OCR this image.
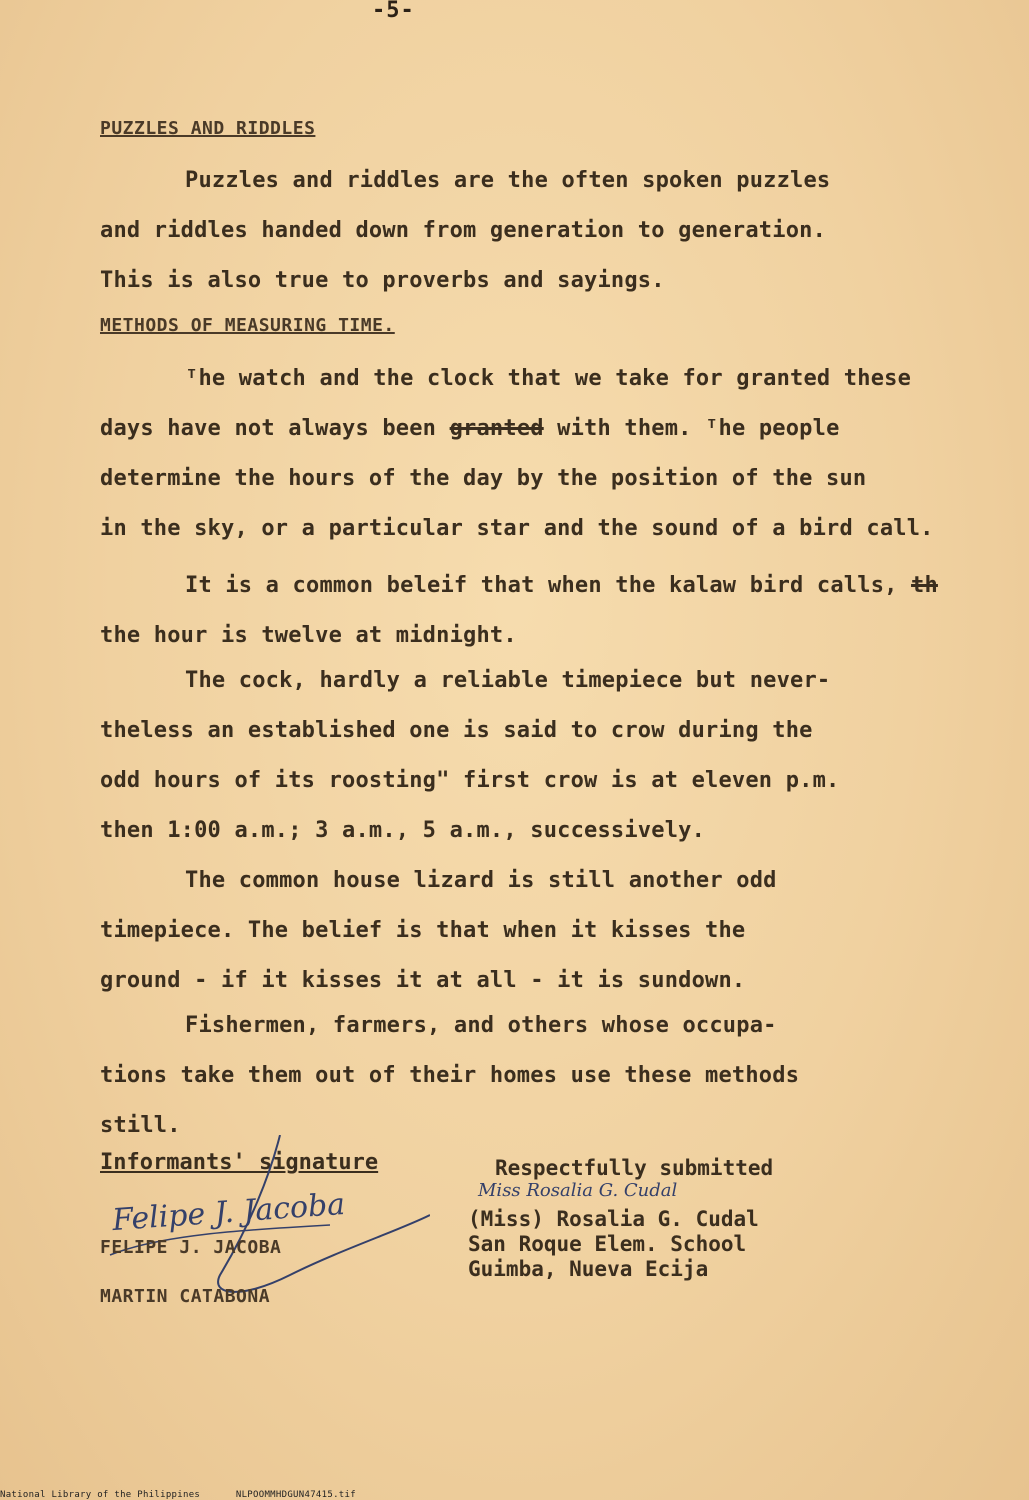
-5-
PUZZLES AND RIDDLES
Puzzles and riddles are the often spoken puzzles
and riddles handed down from generation to generation.
This is also true to proverbs and sayings.
METHODS OF MEASURING TIME.
ᵀhe watch and the clock that we take for granted these
days have not always been granted with them. ᵀhe people
determine the hours of the day by the position of the sun
in the sky, or a particular star and the sound of a bird call.
It is a common beleif that when the kalaw bird calls, th
the hour is twelve at midnight.
The cock, hardly a reliable timepiece but never-
theless an established one is said to crow during the
odd hours of its roosting" first crow is at eleven p.m.
then 1:00 a.m.; 3 a.m., 5 a.m., successively.
The common house lizard is still another odd
timepiece. The belief is that when it kisses the
ground - if it kisses it at all - it is sundown.
Fishermen, farmers, and others whose occupa-
tions take them out of their homes use these methods
still.
Informants' signature
Felipe J. Jacoba
FELIPE J. JACOBA
MARTIN CATABONA
Respectfully submitted
Miss Rosalia G. Cudal
(Miss) Rosalia G. Cudal
San Roque Elem. School
Guimba, Nueva Ecija
National Library of the Philippines	NLPOOMMHDGUN47415.tif
